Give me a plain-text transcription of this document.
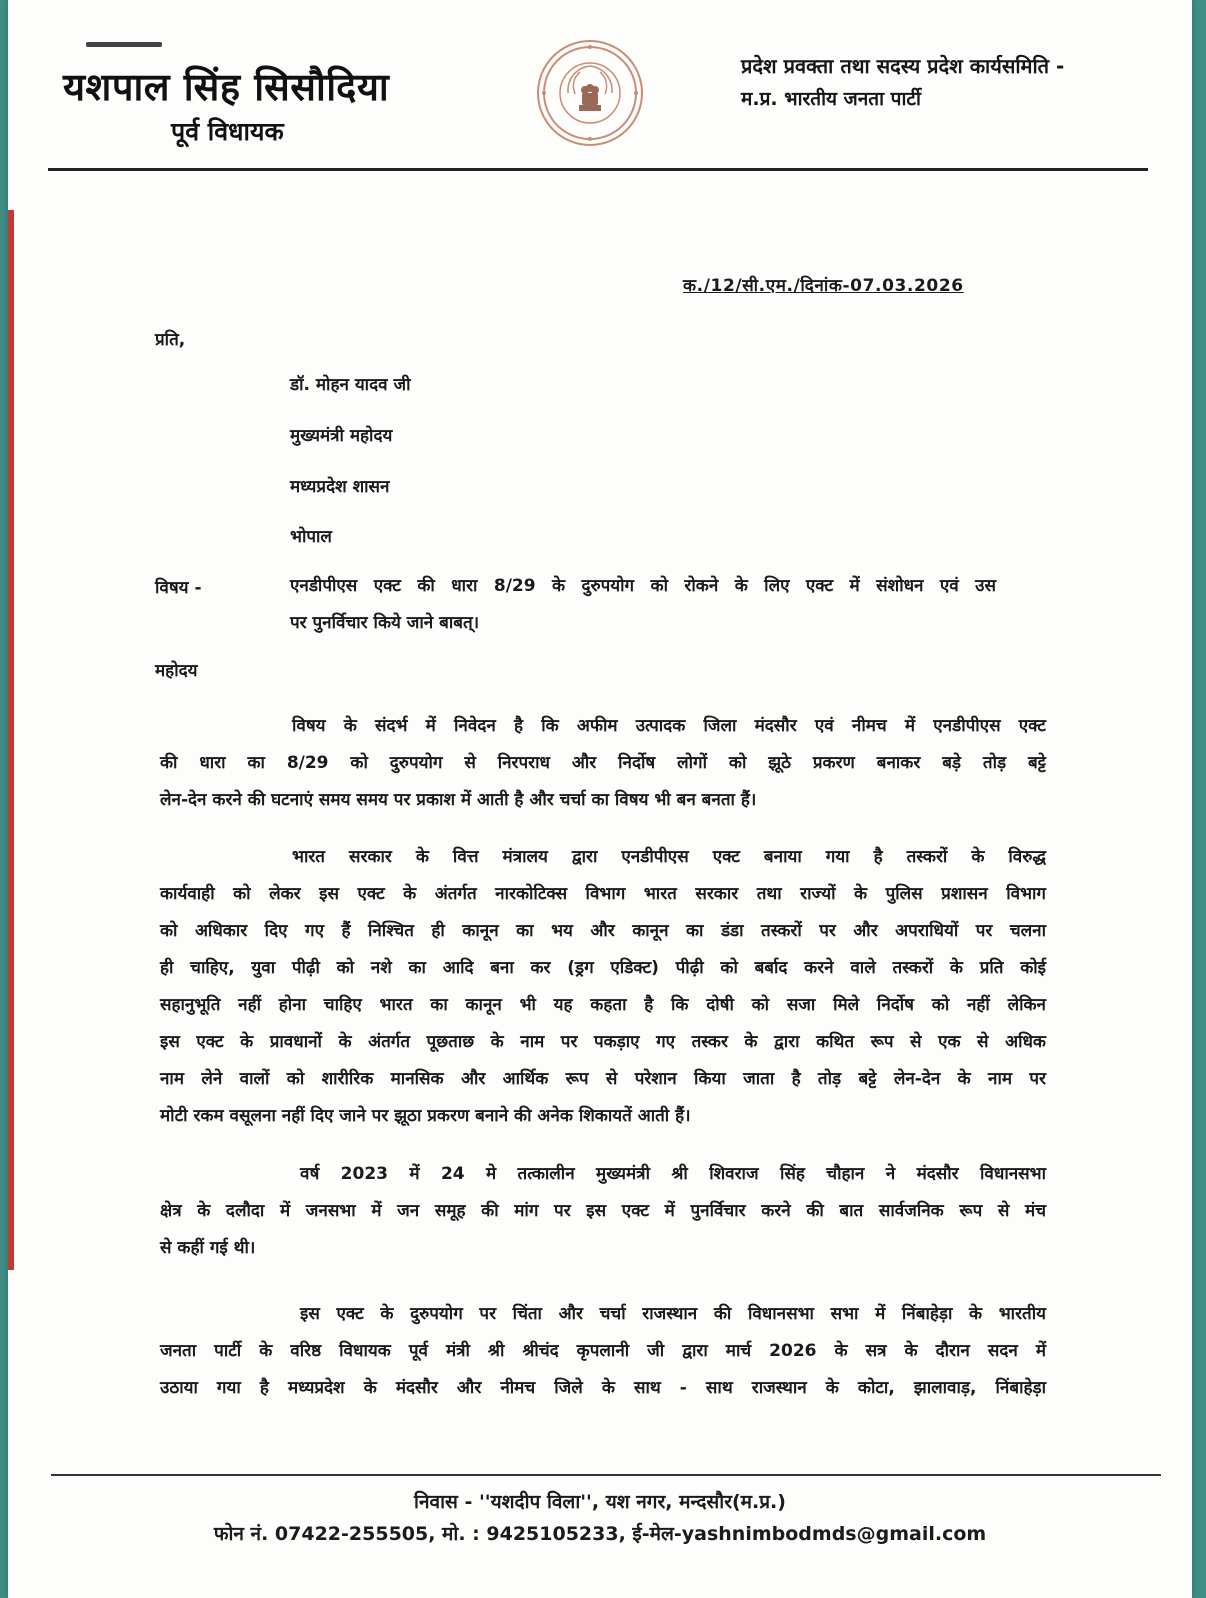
यशपाल सिंह सिसौदिया
पूर्व विधायक
प्रदेश प्रवक्ता तथा सदस्य प्रदेश कार्यसमिति -
म.प्र. भारतीय जनता पार्टी
क./12/सी.एम./दिनांक-07.03.2026
प्रति,
डॉ. मोहन यादव जी
मुख्यमंत्री महोदय
मध्यप्रदेश शासन
भोपाल
विषय -	एनडीपीएस एक्ट की धारा 8/29 के दुरुपयोग को रोकने के लिए एक्ट में संशोधन एवं उस
पर पुनर्विचार किये जाने बाबत्।
महोदय
विषय के संदर्भ में निवेदन है कि अफीम उत्पादक जिला मंदसौर एवं नीमच में एनडीपीएस एक्ट
की धारा का 8/29 को दुरुपयोग से निरपराध और निर्दोष लोगों को झूठे प्रकरण बनाकर बड़े तोड़ बट्टे
लेन-देन करने की घटनाएं समय समय पर प्रकाश में आती है और चर्चा का विषय भी बन बनता हैं।
भारत सरकार के वित्त मंत्रालय द्वारा एनडीपीएस एक्ट बनाया गया है तस्करों के विरुद्ध
कार्यवाही को लेकर इस एक्ट के अंतर्गत नारकोटिक्स विभाग भारत सरकार तथा राज्यों के पुलिस प्रशासन विभाग
को अधिकार दिए गए हैं निश्चित ही कानून का भय और कानून का डंडा तस्करों पर और अपराधियों पर चलना
ही चाहिए, युवा पीढ़ी को नशे का आदि बना कर (ड्रग एडिक्ट) पीढ़ी को बर्बाद करने वाले तस्करों के प्रति कोई
सहानुभूति नहीं होना चाहिए भारत का कानून भी यह कहता है कि दोषी को सजा मिले निर्दोष को नहीं लेकिन
इस एक्ट के प्रावधानों के अंतर्गत पूछताछ के नाम पर पकड़ाए गए तस्कर के द्वारा कथित रूप से एक से अधिक
नाम लेने वालों को शारीरिक मानसिक और आर्थिक रूप से परेशान किया जाता है तोड़ बट्टे लेन-देन के नाम पर
मोटी रकम वसूलना नहीं दिए जाने पर झूठा प्रकरण बनाने की अनेक शिकायतें आती हैं।
वर्ष 2023 में 24 मे तत्कालीन मुख्यमंत्री श्री शिवराज सिंह चौहान ने मंदसौर विधानसभा
क्षेत्र के दलौदा में जनसभा में जन समूह की मांग पर इस एक्ट में पुनर्विचार करने की बात सार्वजनिक रूप से मंच
से कहीं गई थी।
इस एक्ट के दुरुपयोग पर चिंता और चर्चा राजस्थान की विधानसभा सभा में निंबाहेड़ा के भारतीय
जनता पार्टी के वरिष्ठ विधायक पूर्व मंत्री श्री श्रीचंद कृपलानी जी द्वारा मार्च 2026 के सत्र के दौरान सदन में
उठाया गया है मध्यप्रदेश के मंदसौर और नीमच जिले के साथ - साथ राजस्थान के कोटा, झालावाड़, निंबाहेड़ा
निवास - ''यशदीप विला'', यश नगर, मन्दसौर(म.प्र.)
फोन नं. 07422-255505, मो. : 9425105233, ई-मेल-yashnimbodmds@gmail.com
